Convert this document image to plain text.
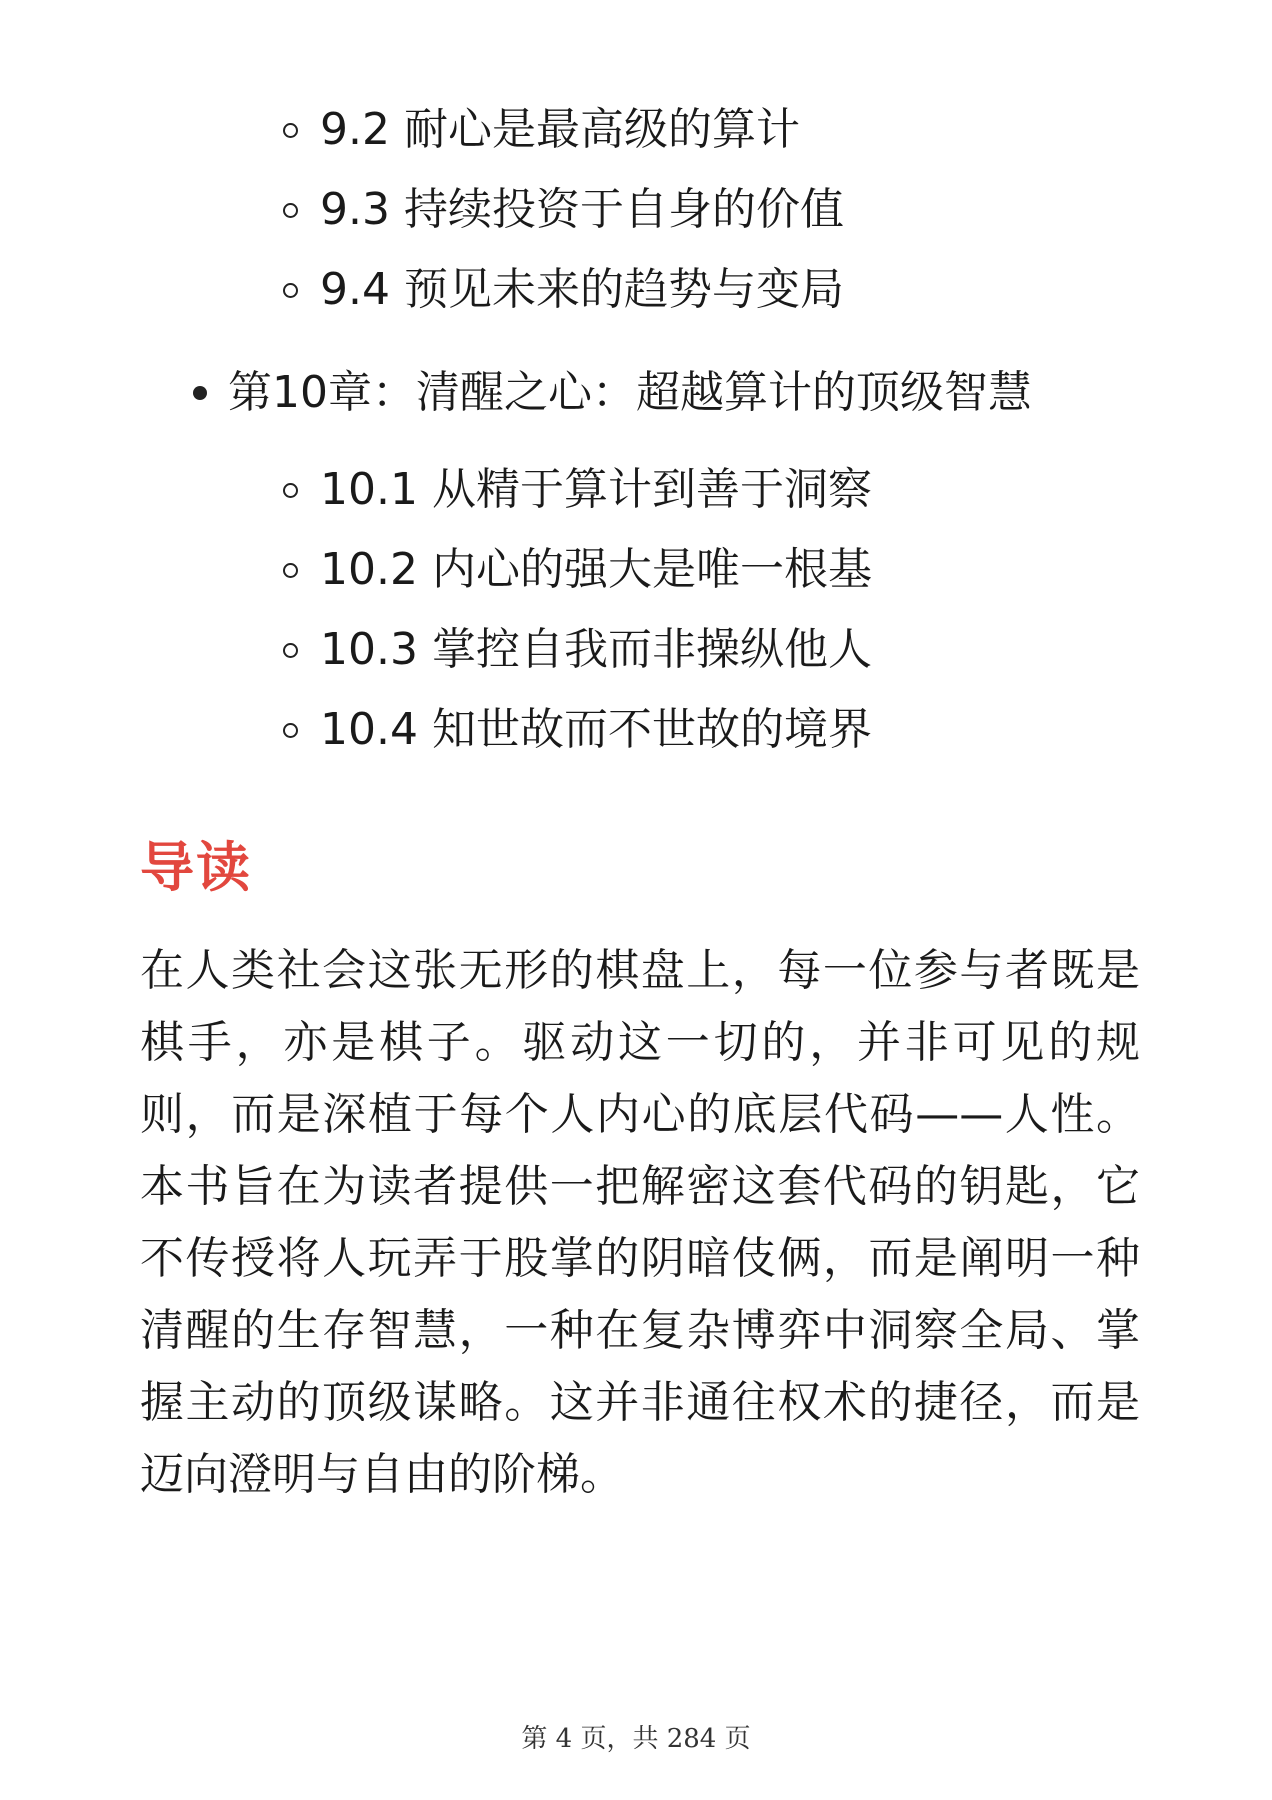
9.2 耐心是最高级的算计
9.3 持续投资于自身的价值
9.4 预见未来的趋势与变局
第10章：清醒之心：超越算计的顶级智慧
10.1 从精于算计到善于洞察
10.2 内心的强大是唯一根基
10.3 掌控自我而非操纵他人
10.4 知世故而不世故的境界
导读

在人类社会这张无形的棋盘上，每一位参与者既是棋手，亦是棋子。驱动这一切的，并非可见的规则，而是深植于每个人内心的底层代码——人性。本书旨在为读者提供一把解密这套代码的钥匙，它不传授将人玩弄于股掌的阴暗伎俩，而是阐明一种清醒的生存智慧，一种在复杂博弈中洞察全局、掌握主动的顶级谋略。这并非通往权术的捷径，而是迈向澄明与自由的阶梯。

第 4 页，共 284 页
